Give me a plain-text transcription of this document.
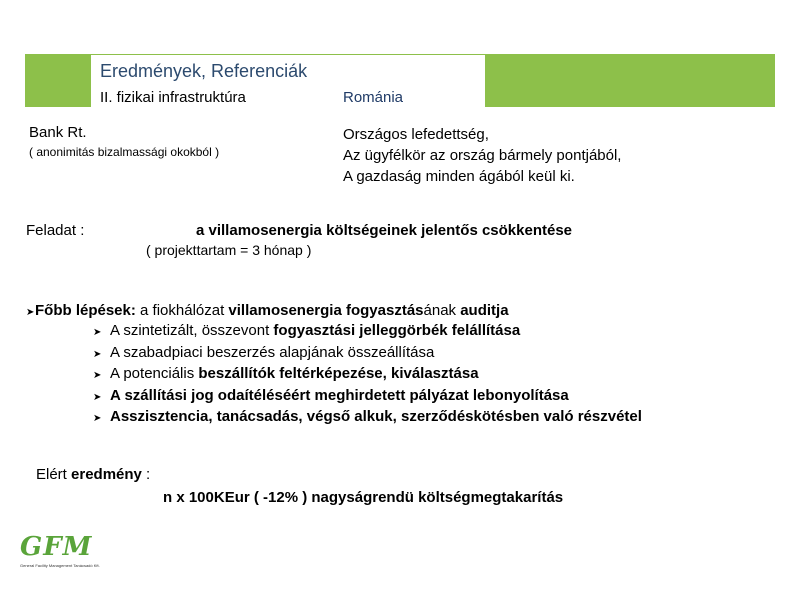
Eredmények, Referenciák
II. fizikai infrastruktúra	Románia
Bank Rt.
( anonimitás bizalmassági okokból )
Országos lefedettség,
Az ügyfélkör az ország bármely pontjából,
A gazdaság minden ágából keül ki.
Feladat :	a villamosenergia költségeinek jelentős csökkentése
( projekttartam = 3 hónap )
➤Főbb lépések: a fiokhálózat villamosenergia fogyasztásának auditja
➤ A szintetizált, összevont fogyasztási jelleggörbék felállítása
➤ A szabadpiaci beszerzés alapjának összeállítása
➤ A potenciális beszállítók feltérképezése, kiválasztása
➤ A szállítási jog odaítéléséért meghirdetett pályázat lebonyolítása
➤ Asszisztencia, tanácsadás, végső alkuk, szerződéskötésben való részvétel
Elért eredmény :
n x 100KEur ( -12% ) nagyságrendü költségmegtakarítás
GFM
General Facility Management Tanácsadó Kft.
